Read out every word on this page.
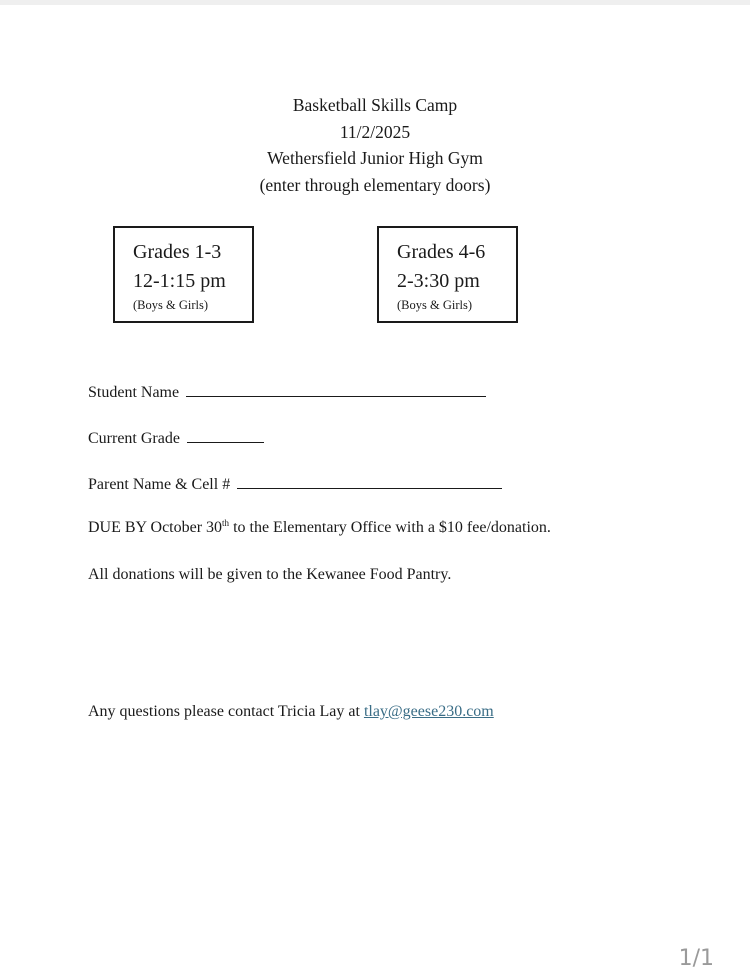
Basketball Skills Camp
11/2/2025
Wethersfield Junior High Gym
(enter through elementary doors)
Grades 1-3
12-1:15 pm
(Boys & Girls)
Grades 4-6
2-3:30 pm
(Boys & Girls)
Student Name
Current Grade
Parent Name & Cell #
DUE BY October 30th to the Elementary Office with a $10 fee/donation.
All donations will be given to the Kewanee Food Pantry.
Any questions please contact Tricia Lay at tlay@geese230.com
1/1
